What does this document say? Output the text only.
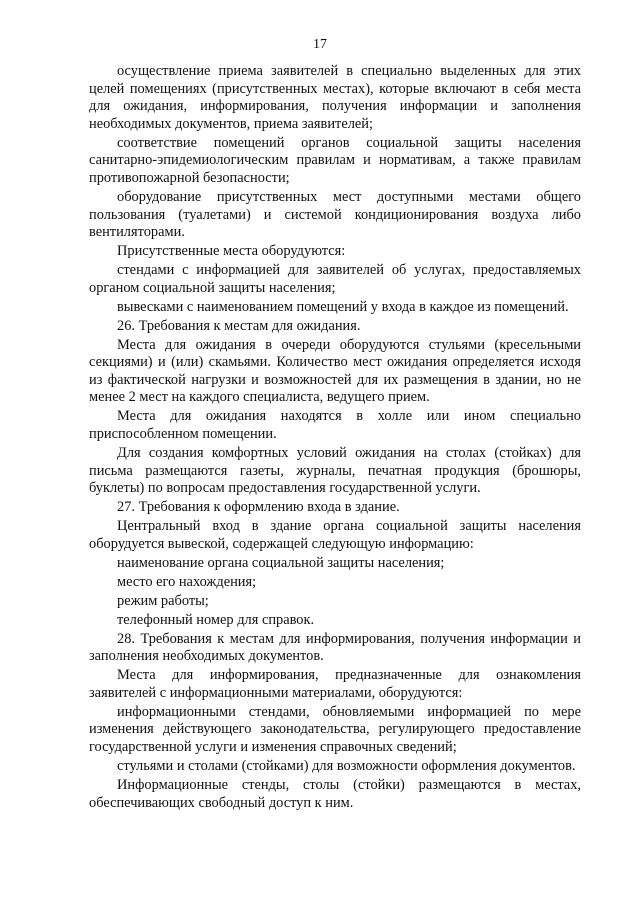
17

осуществление приема заявителей в специально выделенных для этих целей помещениях (присутственных местах), которые включают в себя места для ожидания, информирования, получения информации и заполнения необходимых документов, приема заявителей;

соответствие помещений органов социальной защиты населения санитарно-эпидемиологическим правилам и нормативам, а также правилам противопожарной безопасности;

оборудование присутственных мест доступными местами общего пользования (туалетами) и системой кондиционирования воздуха либо вентиляторами.

Присутственные места оборудуются:

стендами с информацией для заявителей об услугах, предоставляемых органом социальной защиты населения;

вывесками с наименованием помещений у входа в каждое из помещений.

26. Требования к местам для ожидания.

Места для ожидания в очереди оборудуются стульями (кресельными секциями) и (или) скамьями. Количество мест ожидания определяется исходя из фактической нагрузки и возможностей для их размещения в здании, но не менее 2 мест на каждого специалиста, ведущего прием.

Места для ожидания находятся в холле или ином специально приспособленном помещении.

Для создания комфортных условий ожидания на столах (стойках) для письма размещаются газеты, журналы, печатная продукция (брошюры, буклеты) по вопросам предоставления государственной услуги.

27. Требования к оформлению входа в здание.

Центральный вход в здание органа социальной защиты населения оборудуется вывеской, содержащей следующую информацию:

наименование органа социальной защиты населения;

место его нахождения;

режим работы;

телефонный номер для справок.

28. Требования к местам для информирования, получения информации и заполнения необходимых документов.

Места для информирования, предназначенные для ознакомления заявителей с информационными материалами, оборудуются:

информационными стендами, обновляемыми информацией по мере изменения действующего законодательства, регулирующего предоставление государственной услуги и изменения справочных сведений;

стульями и столами (стойками) для возможности оформления документов.

Информационные стенды, столы (стойки) размещаются в местах, обеспечивающих свободный доступ к ним.
